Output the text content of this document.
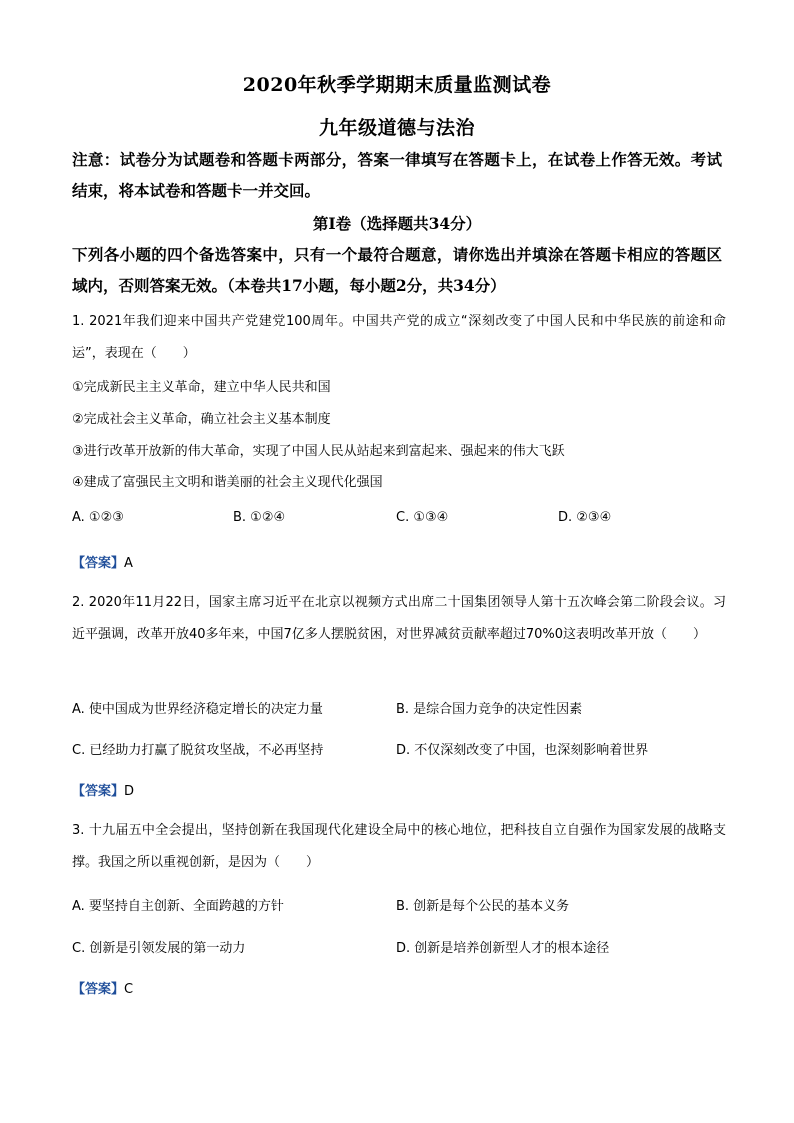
2020年秋季学期期末质量监测试卷
九年级道德与法治
注意：试卷分为试题卷和答题卡两部分，答案一律填写在答题卡上，在试卷上作答无效。考试结束，将本试卷和答题卡一并交回。
第Ⅰ卷（选择题共34分）
下列各小题的四个备选答案中，只有一个最符合题意，请你选出并填涂在答题卡相应的答题区域内，否则答案无效。（本卷共17小题，每小题2分，共34分）
1. 2021年我们迎来中国共产党建党100周年。中国共产党的成立“深刻改变了中国人民和中华民族的前途和命运”，表现在（　　）
①完成新民主主义革命，建立中华人民共和国
②完成社会主义革命，确立社会主义基本制度
③进行改革开放新的伟大革命，实现了中国人民从站起来到富起来、强起来的伟大飞跃
④建成了富强民主文明和谐美丽的社会主义现代化强国
A. ①②③	B. ①②④	C. ①③④	D. ②③④
【答案】A
2. 2020年11月22日，国家主席习近平在北京以视频方式出席二十国集团领导人第十五次峰会第二阶段会议。习近平强调，改革开放40多年来，中国7亿多人摆脱贫困，对世界减贫贡献率超过70%0这表明改革开放（　　）
A. 使中国成为世界经济稳定增长的决定力量	B. 是综合国力竞争的决定性因素
C. 已经助力打赢了脱贫攻坚战，不必再坚持	D. 不仅深刻改变了中国，也深刻影响着世界
【答案】D
3. 十九届五中全会提出，坚持创新在我国现代化建设全局中的核心地位，把科技自立自强作为国家发展的战略支撑。我国之所以重视创新，是因为（　　）
A. 要坚持自主创新、全面跨越的方针	B. 创新是每个公民的基本义务
C. 创新是引领发展的第一动力	D. 创新是培养创新型人才的根本途径
【答案】C
